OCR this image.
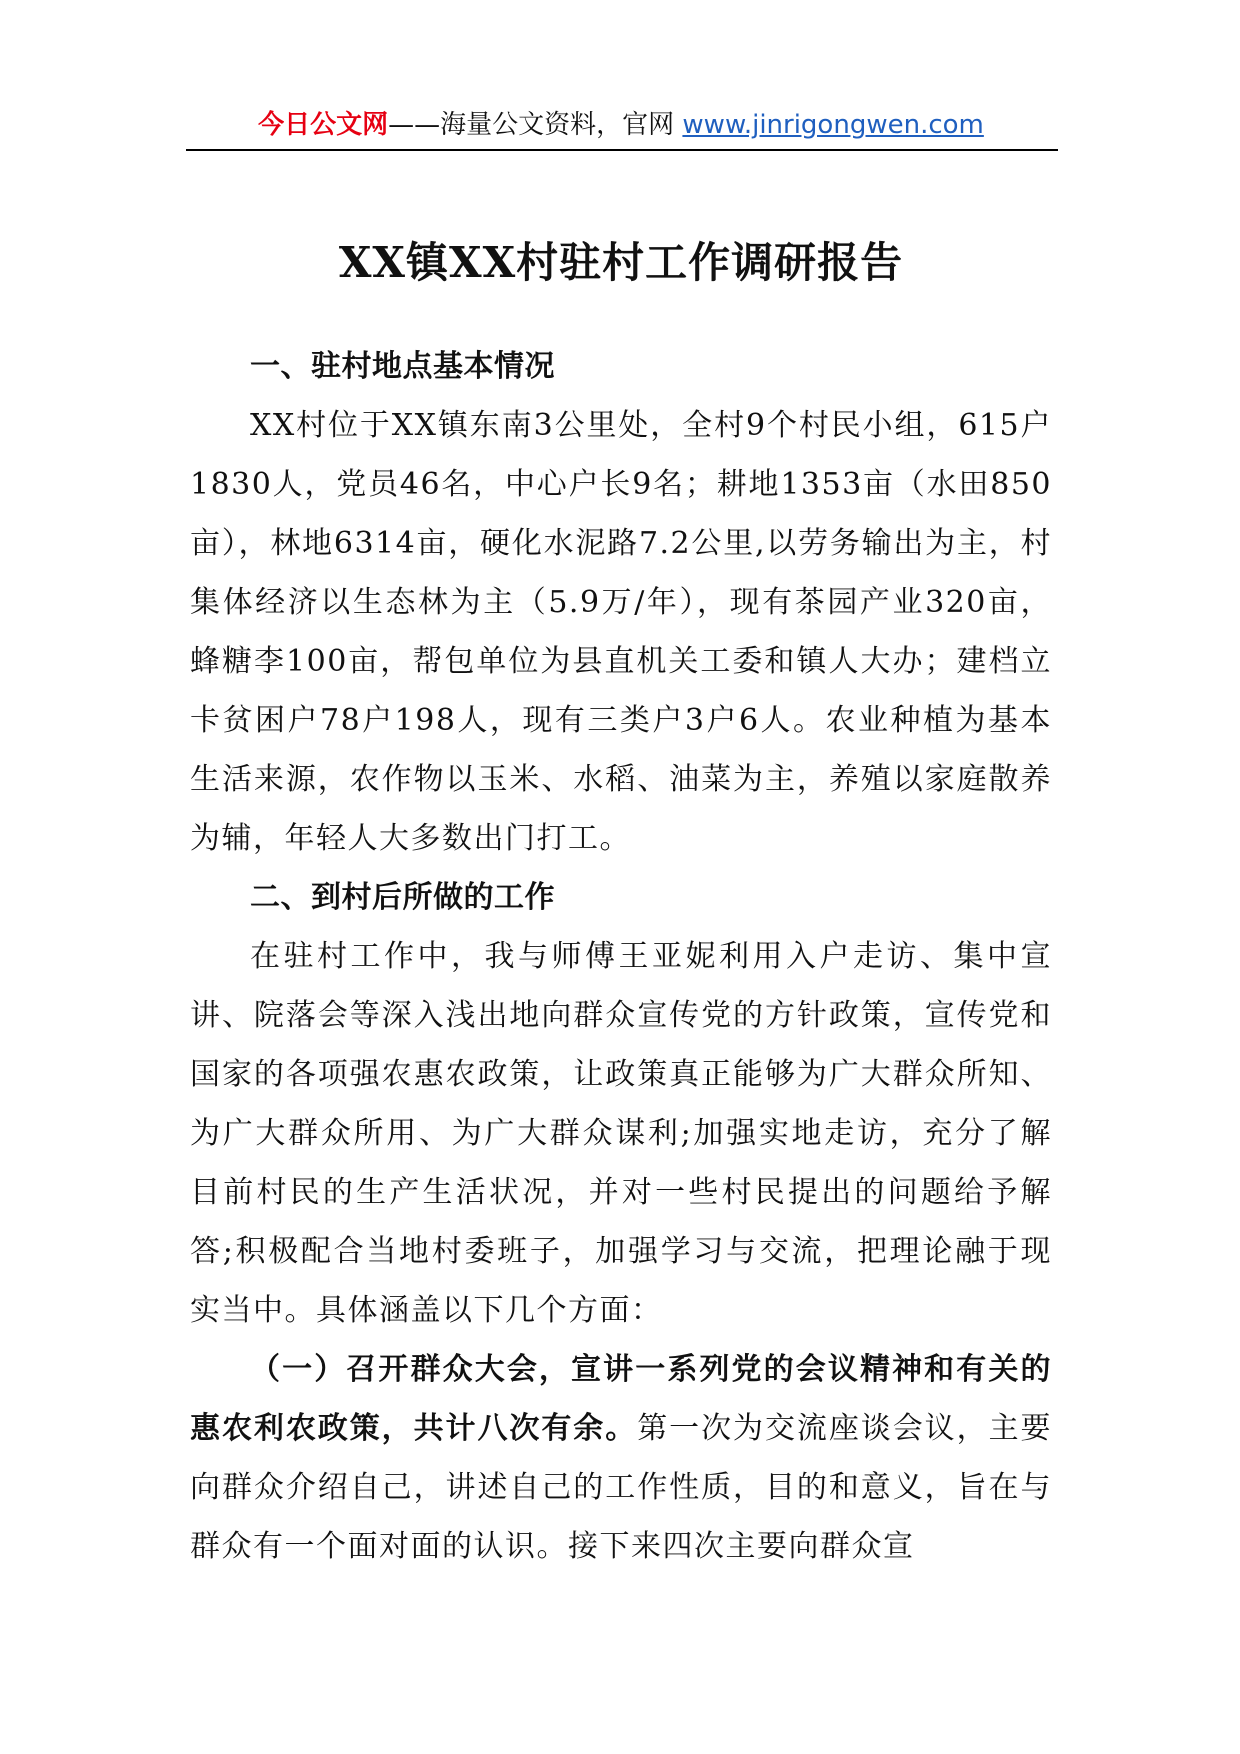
今日公文网——海量公文资料，官网 www.jinrigongwen.com
XX镇XX村驻村工作调研报告

一、驻村地点基本情况

XX村位于XX镇东南3公里处，全村9个村民小组，615户1830人，党员46名，中心户长9名；耕地1353亩（水田850亩），林地6314亩，硬化水泥路7.2公里,以劳务输出为主，村集体经济以生态林为主（5.9万/年），现有茶园产业320亩，蜂糖李100亩，帮包单位为县直机关工委和镇人大办；建档立卡贫困户78户198人，现有三类户3户6人。农业种植为基本生活来源，农作物以玉米、水稻、油菜为主，养殖以家庭散养为辅，年轻人大多数出门打工。

二、到村后所做的工作

在驻村工作中，我与师傅王亚妮利用入户走访、集中宣讲、院落会等深入浅出地向群众宣传党的方针政策，宣传党和国家的各项强农惠农政策，让政策真正能够为广大群众所知、为广大群众所用、为广大群众谋利;加强实地走访，充分了解目前村民的生产生活状况，并对一些村民提出的问题给予解答;积极配合当地村委班子，加强学习与交流，把理论融于现实当中。具体涵盖以下几个方面：

（一）召开群众大会，宣讲一系列党的会议精神和有关的惠农利农政策，共计八次有余。第一次为交流座谈会议，主要向群众介绍自己，讲述自己的工作性质，目的和意义，旨在与群众有一个面对面的认识。接下来四次主要向群众宣
